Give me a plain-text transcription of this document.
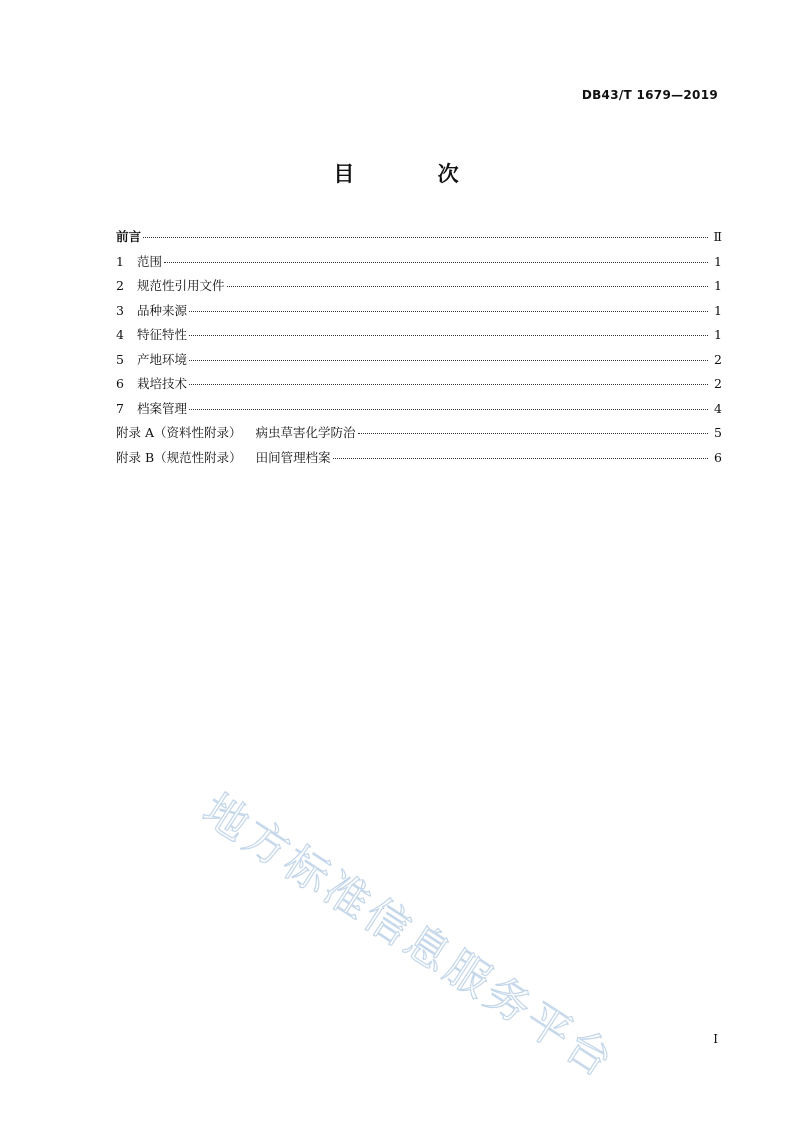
DB43/T 1679—2019
目 次
前言	Ⅱ
1	范围	1
2	规范性引用文件	1
3	品种来源	1
4	特征特性	1
5	产地环境	2
6	栽培技术	2
7	档案管理	4
附录 A（资料性附录） 病虫草害化学防治	5
附录 B（规范性附录） 田间管理档案	6
地方标准信息服务平台	I
